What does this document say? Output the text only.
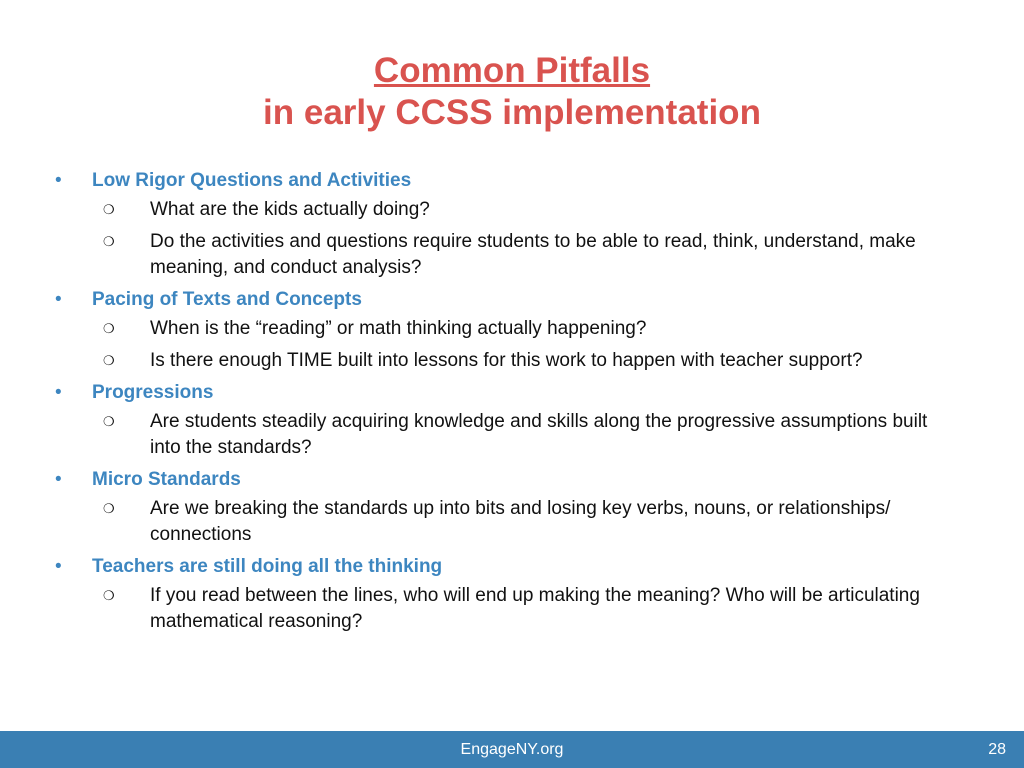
Common Pitfalls
in early CCSS implementation
• Low Rigor Questions and Activities
❍ What are the kids actually doing?
❍ Do the activities and questions require students to be able to read, think, understand, make meaning, and conduct analysis?
• Pacing of Texts and Concepts
❍ When is the “reading” or math thinking actually happening?
❍ Is there enough TIME built into lessons for this work to happen with teacher support?
• Progressions
❍ Are students steadily acquiring knowledge and skills along the progressive assumptions built into the standards?
• Micro Standards
❍ Are we breaking the standards up into bits and losing key verbs, nouns, or relationships/ connections
• Teachers are still doing all the thinking
❍ If you read between the lines, who will end up making the meaning? Who will be articulating mathematical reasoning?
EngageNY.org	28
